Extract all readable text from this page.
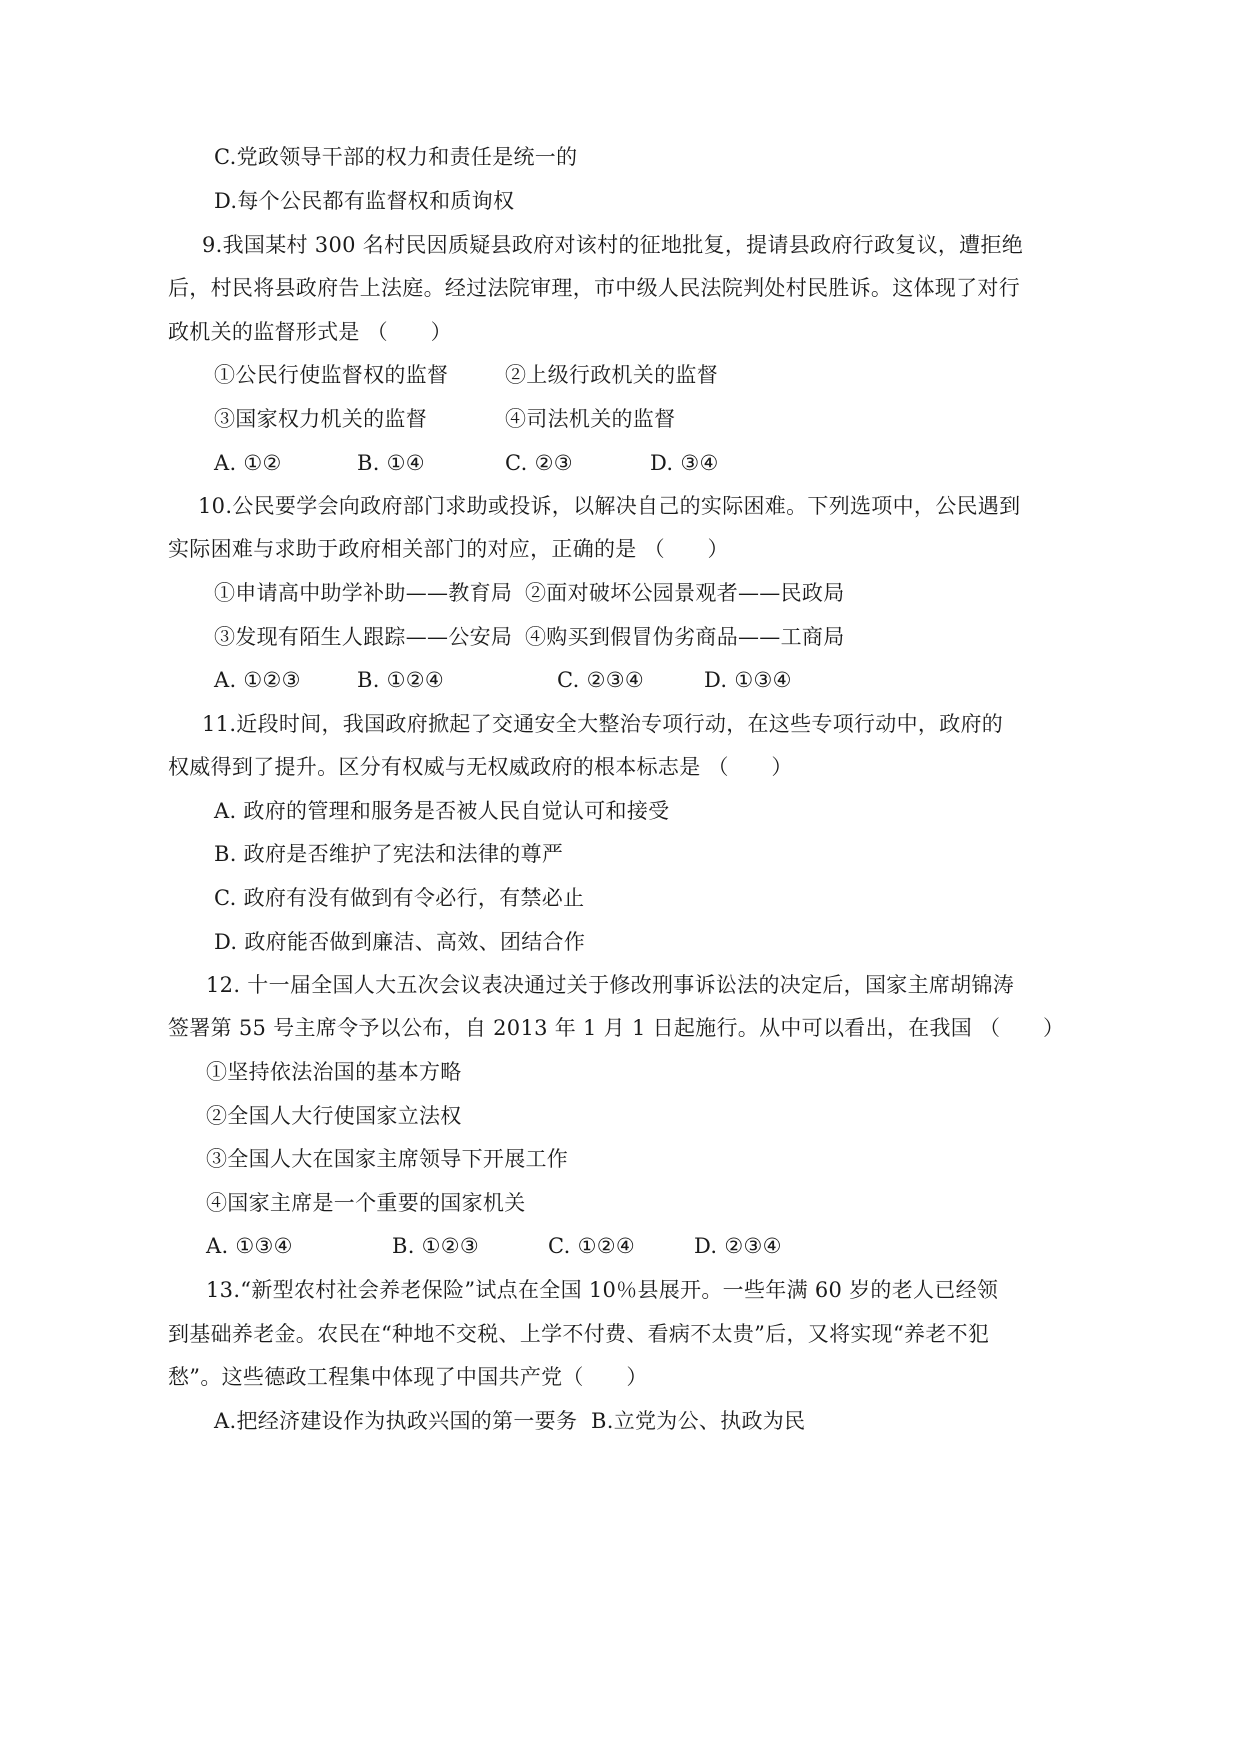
C.党政领导干部的权力和责任是统一的
D.每个公民都有监督权和质询权
9.我国某村 300 名村民因质疑县政府对该村的征地批复，提请县政府行政复议，遭拒绝
后，村民将县政府告上法庭。经过法院审理，市中级人民法院判处村民胜诉。这体现了对行
政机关的监督形式是 （　　）
①公民行使监督权的监督	②上级行政机关的监督
③国家权力机关的监督	④司法机关的监督
A. ①②	B. ①④	C. ②③	D. ③④
10.公民要学会向政府部门求助或投诉，以解决自己的实际困难。下列选项中，公民遇到
实际困难与求助于政府相关部门的对应，正确的是 （　　）
①申请高中助学补助——教育局 ②面对破坏公园景观者——民政局
③发现有陌生人跟踪——公安局 ④购买到假冒伪劣商品——工商局
A. ①②③	B. ①②④	C. ②③④	D. ①③④
11.近段时间，我国政府掀起了交通安全大整治专项行动，在这些专项行动中，政府的
权威得到了提升。区分有权威与无权威政府的根本标志是 （　　）
A. 政府的管理和服务是否被人民自觉认可和接受
B. 政府是否维护了宪法和法律的尊严
C. 政府有没有做到有令必行，有禁必止
D. 政府能否做到廉洁、高效、团结合作
12. 十一届全国人大五次会议表决通过关于修改刑事诉讼法的决定后，国家主席胡锦涛
签署第 55 号主席令予以公布，自 2013 年 1 月 1 日起施行。从中可以看出，在我国 （　　）
①坚持依法治国的基本方略
②全国人大行使国家立法权
③全国人大在国家主席领导下开展工作
④国家主席是一个重要的国家机关
A. ①③④	B. ①②③	C. ①②④	D. ②③④
13.“新型农村社会养老保险”试点在全国 10％县展开。一些年满 60 岁的老人已经领
到基础养老金。农民在“种地不交税、上学不付费、看病不太贵”后，又将实现“养老不犯
愁”。这些德政工程集中体现了中国共产党（　　）
A.把经济建设作为执政兴国的第一要务 B.立党为公、执政为民
